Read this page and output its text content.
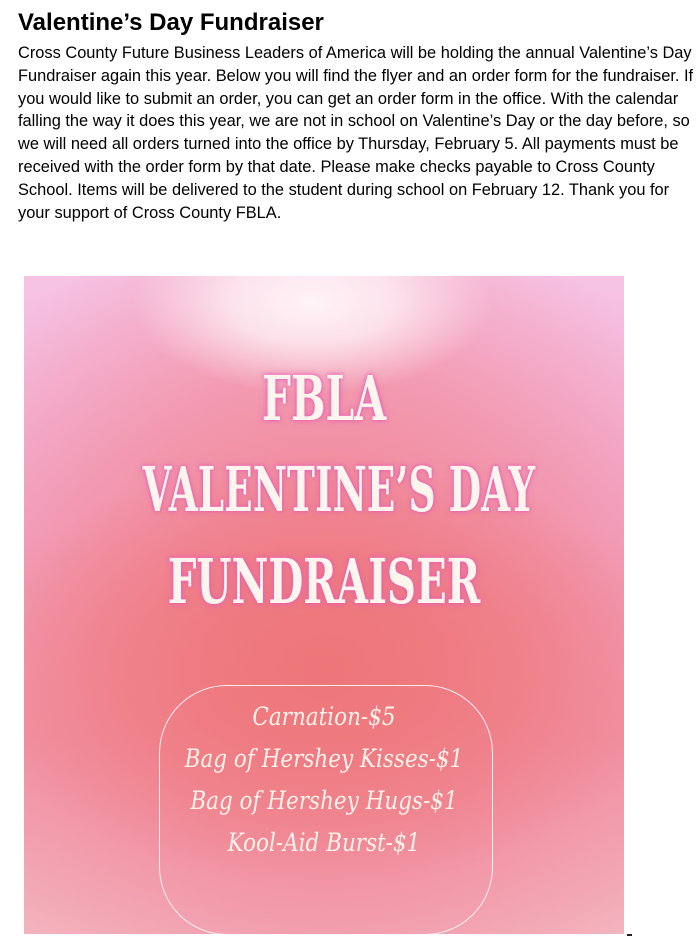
Valentine’s Day Fundraiser

Cross County Future Business Leaders of America will be holding the annual Valentine’s Day Fundraiser again this year. Below you will find the flyer and an order form for the fundraiser. If you would like to submit an order, you can get an order form in the office. With the calendar falling the way it does this year, we are not in school on Valentine’s Day or the day before, so we will need all orders turned into the office by Thursday, February 5. All payments must be received with the order form by that date. Please make checks payable to Cross County School. Items will be delivered to the student during school on February 12. Thank you for your support of Cross County FBLA.

FBLA
VALENTINE’S DAY
FUNDRAISER
Carnation-$5
Bag of Hershey Kisses-$1
Bag of Hershey Hugs-$1
Kool-Aid Burst-$1
